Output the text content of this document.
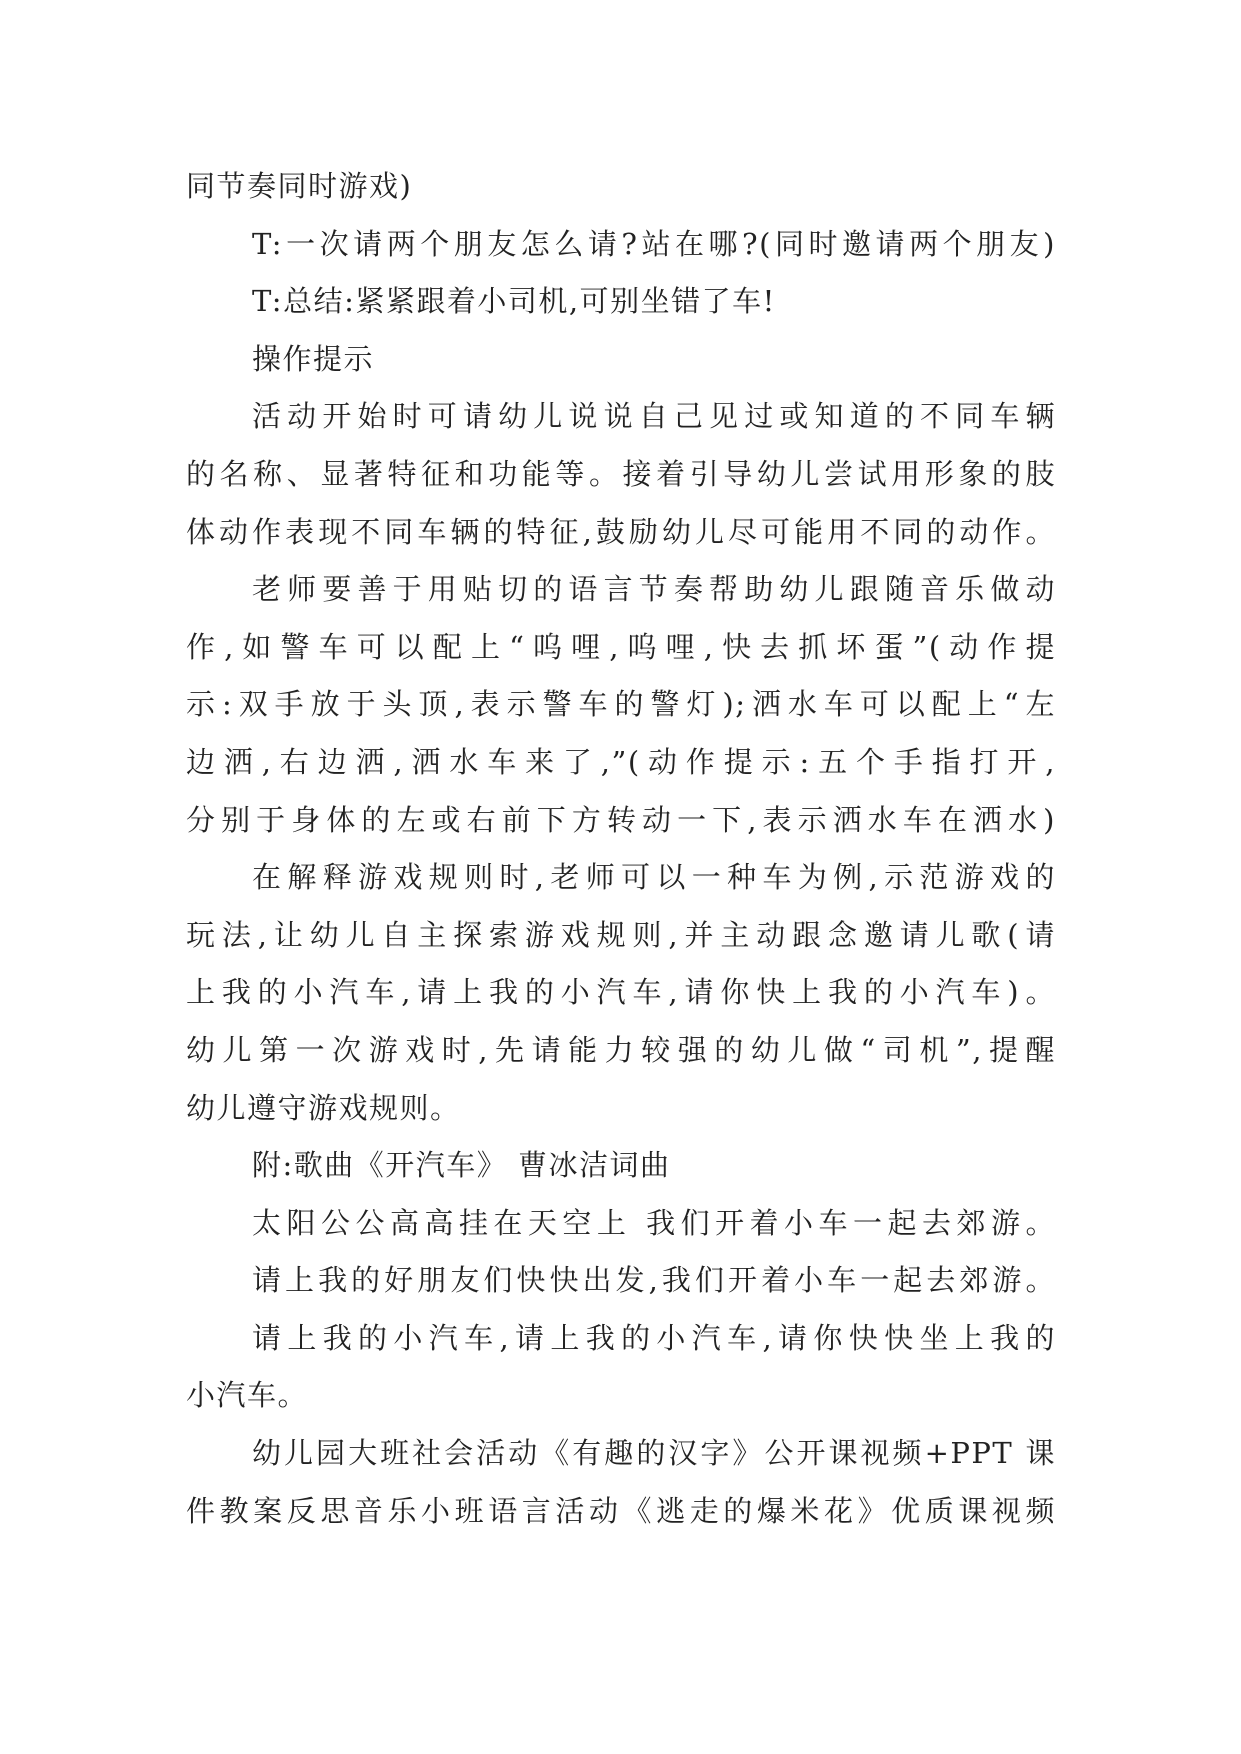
同节奏同时游戏)
T:一次请两个朋友怎么请?站在哪?(同时邀请两个朋友)
T:总结:紧紧跟着小司机,可别坐错了车!
操作提示
活动开始时可请幼儿说说自己见过或知道的不同车辆
的名称、显著特征和功能等。接着引导幼儿尝试用形象的肢
体动作表现不同车辆的特征,鼓励幼儿尽可能用不同的动作。
老师要善于用贴切的语言节奏帮助幼儿跟随音乐做动
作,如警车可以配上“呜哩,呜哩,快去抓坏蛋”(动作提
示:双手放于头顶,表示警车的警灯);洒水车可以配上“左
边洒,右边洒,洒水车来了,”(动作提示:五个手指打开,
分别于身体的左或右前下方转动一下,表示洒水车在洒水)
在解释游戏规则时,老师可以一种车为例,示范游戏的
玩法,让幼儿自主探索游戏规则,并主动跟念邀请儿歌(请
上我的小汽车,请上我的小汽车,请你快上我的小汽车)。
幼儿第一次游戏时,先请能力较强的幼儿做“司机”,提醒
幼儿遵守游戏规则。
附:歌曲《开汽车》 曹冰洁词曲
太阳公公高高挂在天空上 我们开着小车一起去郊游。
请上我的好朋友们快快出发,我们开着小车一起去郊游。
请上我的小汽车,请上我的小汽车,请你快快坐上我的
小汽车。
幼儿园大班社会活动《有趣的汉字》公开课视频+PPT 课
件教案反思音乐小班语言活动《逃走的爆米花》优质课视频
